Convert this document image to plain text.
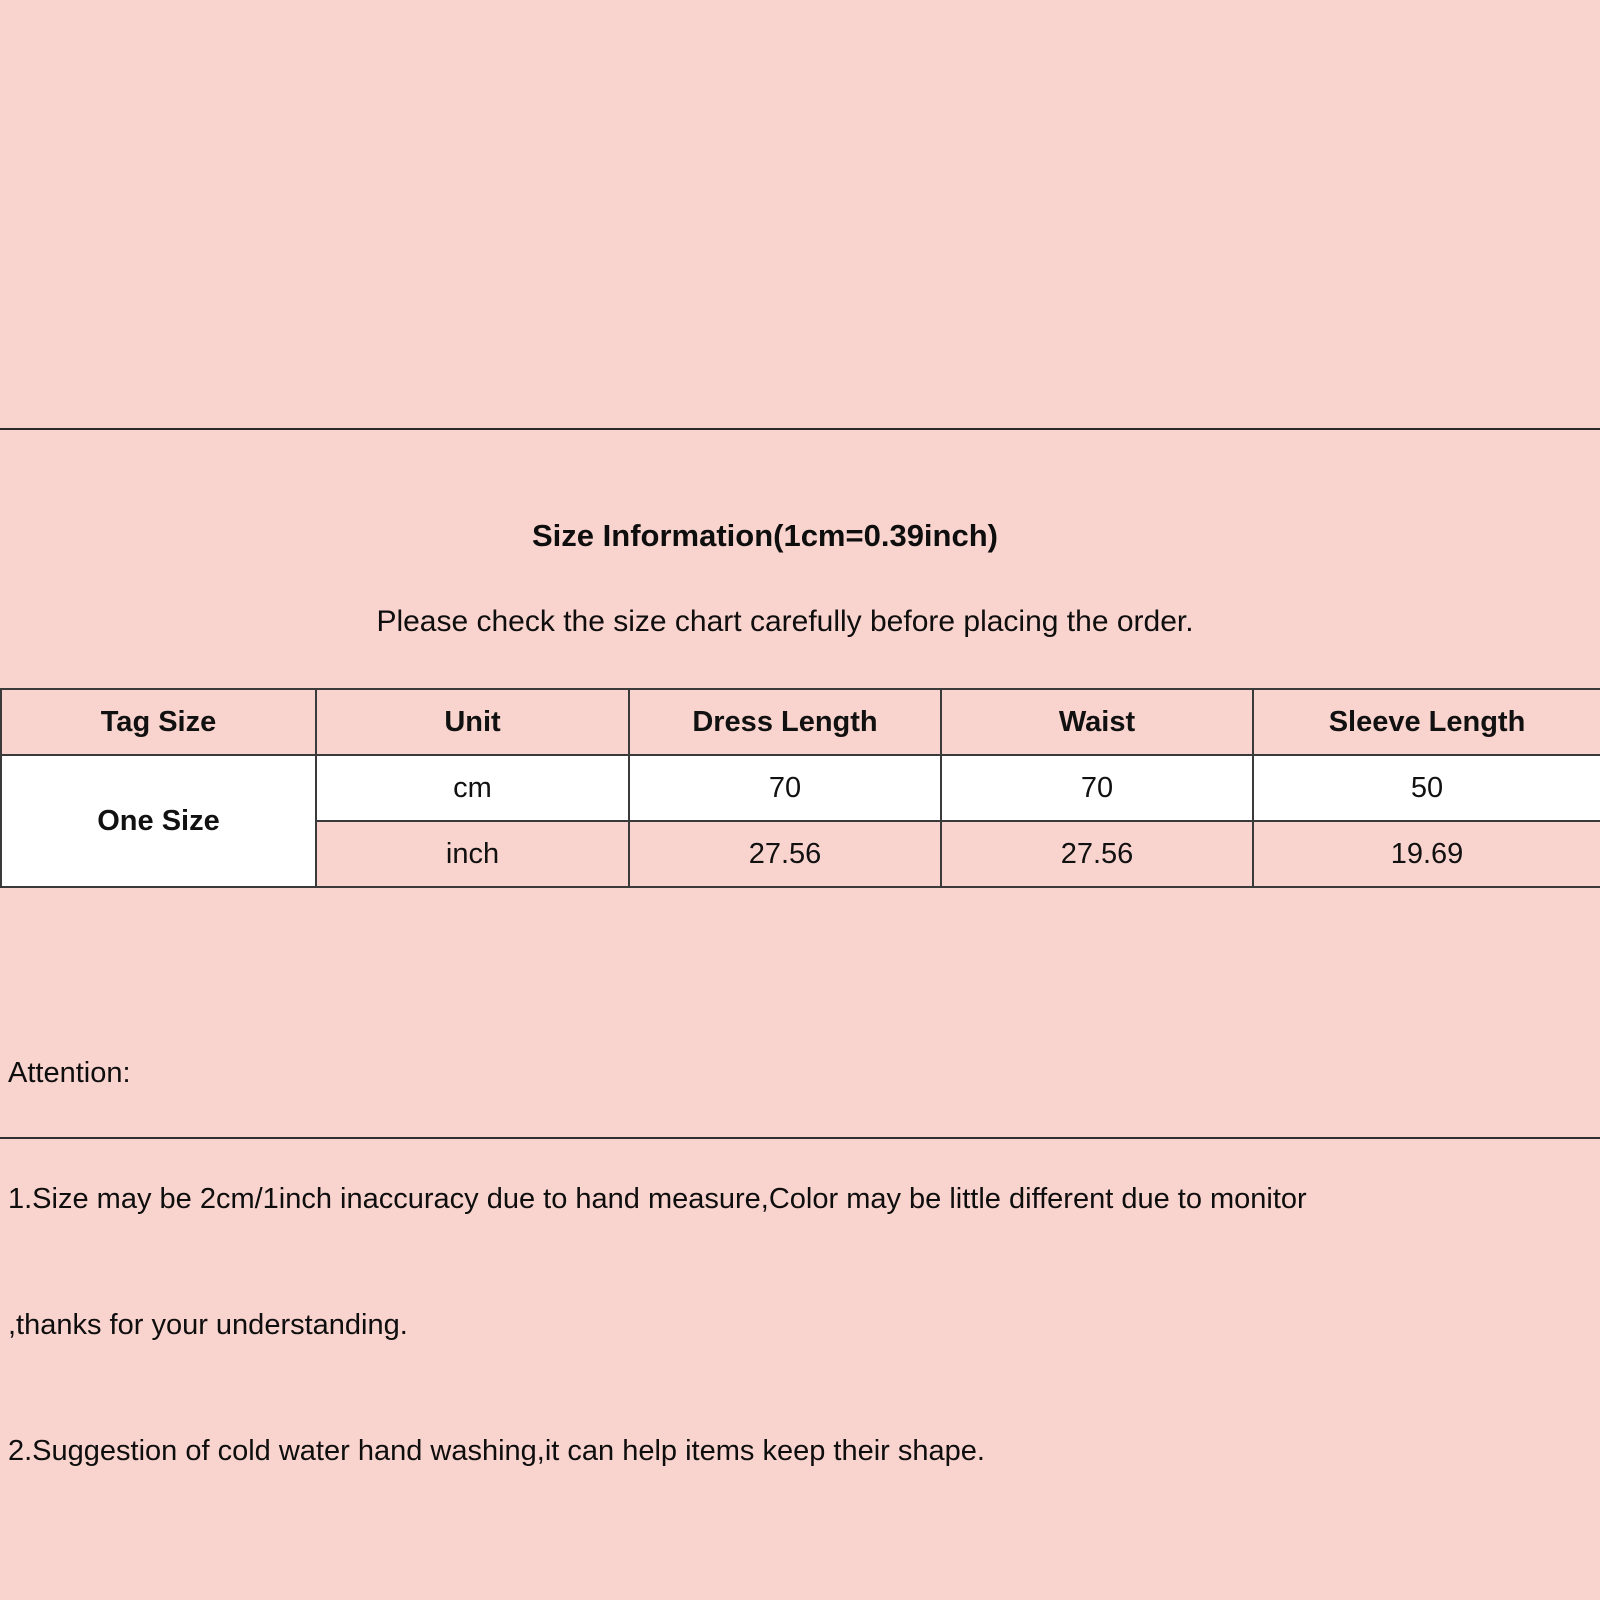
Size Information(1cm=0.39inch)
Please check the size chart carefully before placing the order.
Tag Size	Unit	Dress Length	Waist	Sleeve Length
One Size	cm	70	70	50
	inch	27.56	27.56	19.69

Attention:

1.Size may be 2cm/1inch inaccuracy due to hand measure,Color may be little different due to monitor

,thanks for your understanding.

2.Suggestion of cold water hand washing,it can help items keep their shape.
